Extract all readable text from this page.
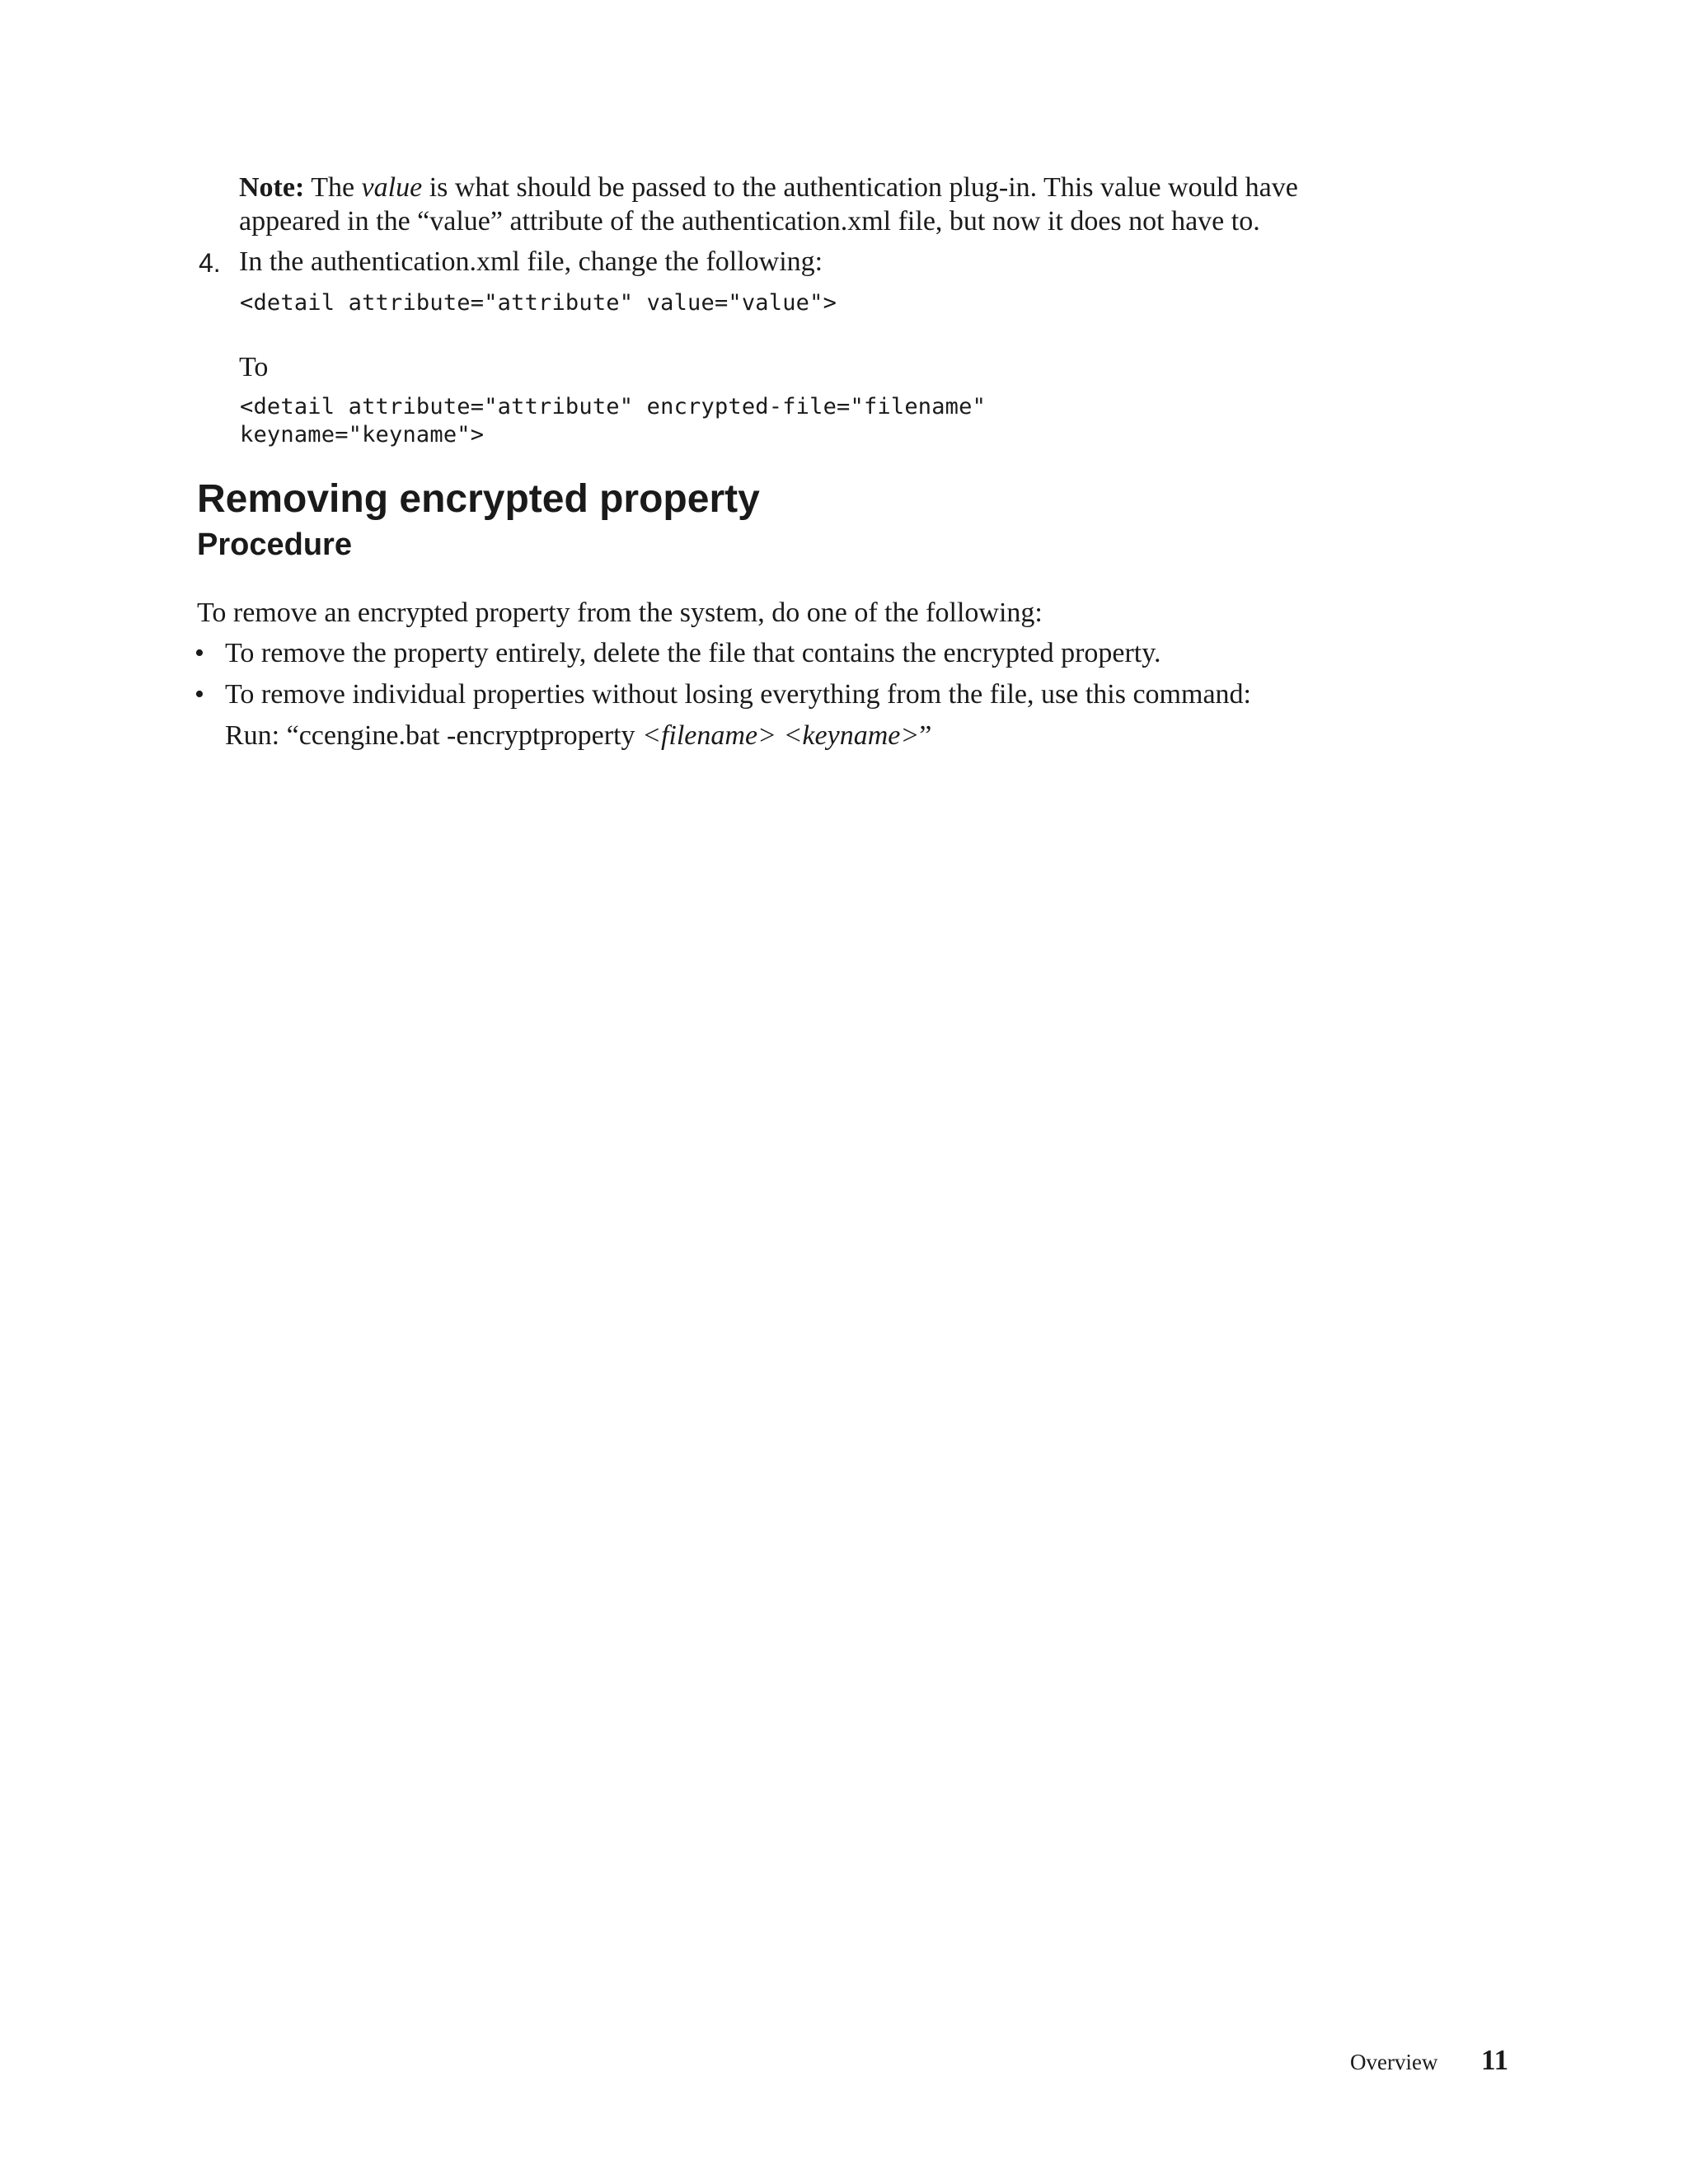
Note: The value is what should be passed to the authentication plug-in. This value would have
appeared in the “value” attribute of the authentication.xml file, but now it does not have to.
4. In the authentication.xml file, change the following:
<detail attribute="attribute" value="value">
To
<detail attribute="attribute" encrypted-file="filename"
keyname="keyname">
Removing encrypted property
Procedure
To remove an encrypted property from the system, do one of the following:
• To remove the property entirely, delete the file that contains the encrypted property.
• To remove individual properties without losing everything from the file, use this command:
Run: “ccengine.bat -encryptproperty <filename> <keyname>”
Overview 11
